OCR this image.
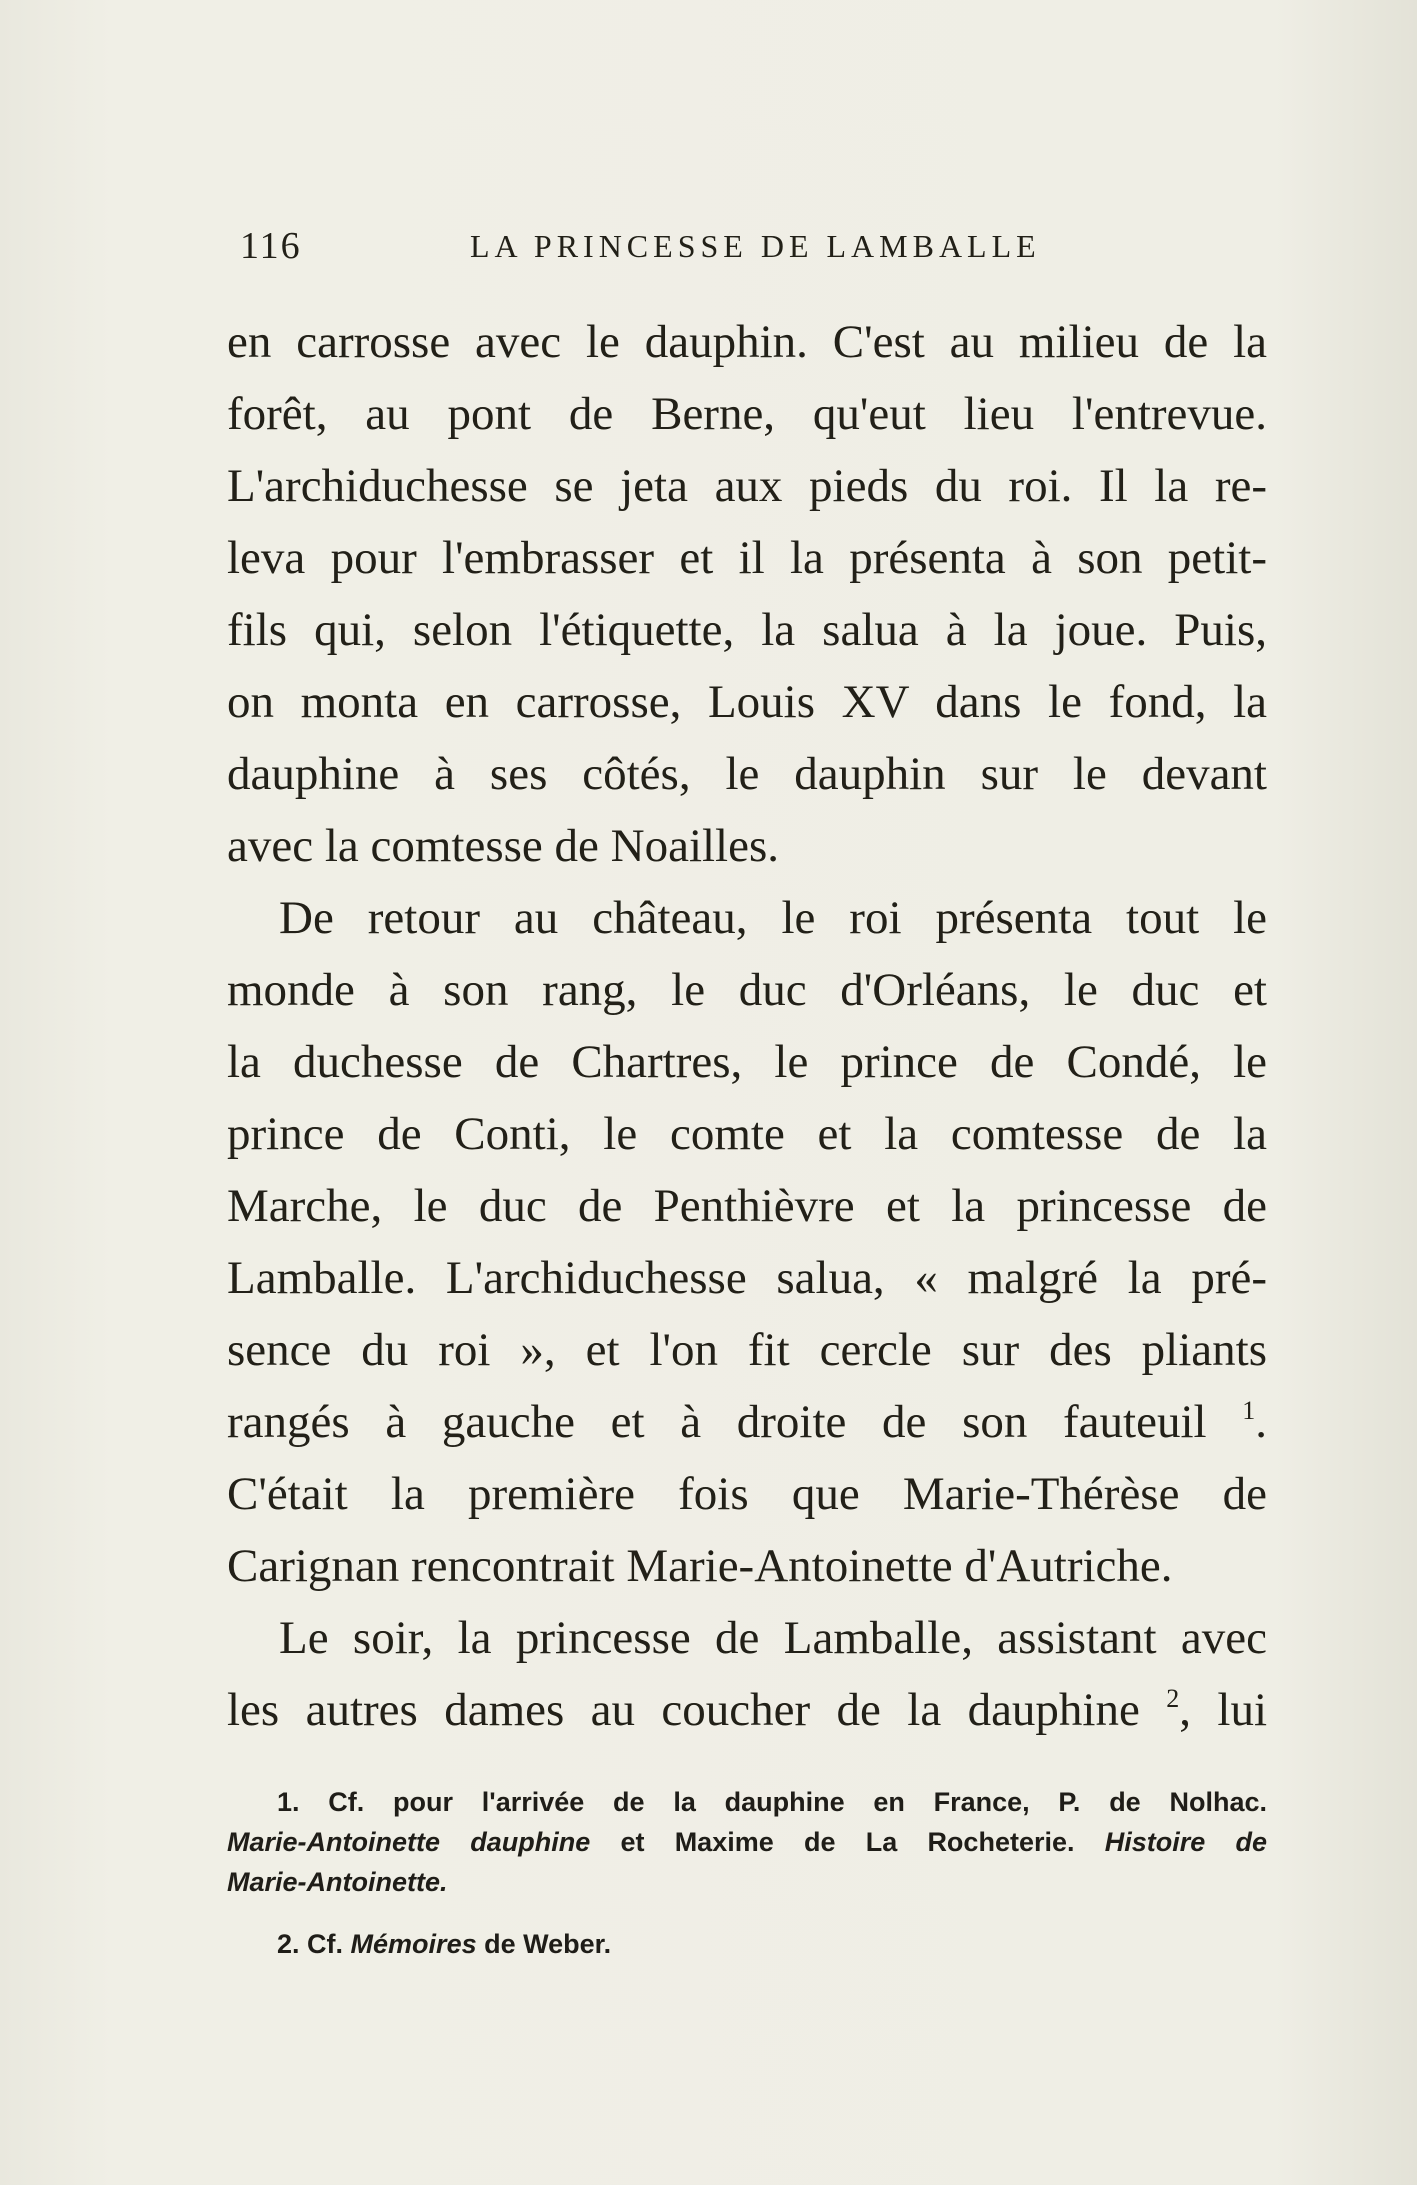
116	LA PRINCESSE DE LAMBALLE
en carrosse avec le dauphin. C'est au milieu de la
forêt, au pont de Berne, qu'eut lieu l'entrevue.
L'archiduchesse se jeta aux pieds du roi. Il la re-
leva pour l'embrasser et il la présenta à son petit-
fils qui, selon l'étiquette, la salua à la joue. Puis,
on monta en carrosse, Louis XV dans le fond, la
dauphine à ses côtés, le dauphin sur le devant
avec la comtesse de Noailles.
De retour au château, le roi présenta tout le
monde à son rang, le duc d'Orléans, le duc et
la duchesse de Chartres, le prince de Condé, le
prince de Conti, le comte et la comtesse de la
Marche, le duc de Penthièvre et la princesse de
Lamballe. L'archiduchesse salua, « malgré la pré-
sence du roi », et l'on fit cercle sur des pliants
rangés à gauche et à droite de son fauteuil $^1$.
C'était la première fois que Marie-Thérèse de
Carignan rencontrait Marie-Antoinette d'Autriche.
Le soir, la princesse de Lamballe, assistant avec
les autres dames au coucher de la dauphine $^2$, lui
1. Cf. pour l'arrivée de la dauphine en France, P. de Nolhac.
Marie-Antoinette dauphine et Maxime de La Rocheterie. Histoire de
Marie-Antoinette.
2. Cf. Mémoires de Weber.
